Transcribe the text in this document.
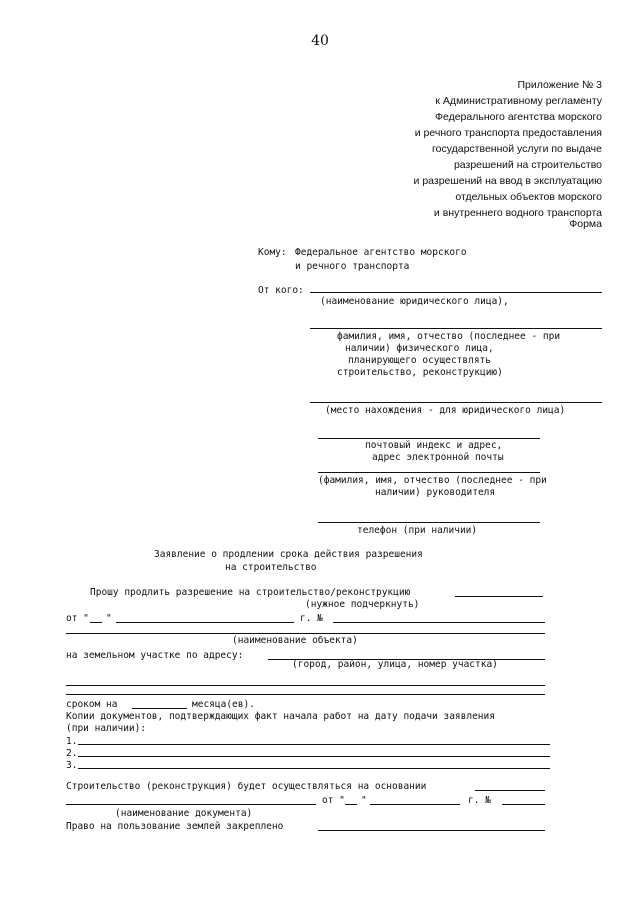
40
Приложение № 3
к Административному регламенту
Федерального агентства морского
и речного транспорта предоставления
государственной услуги по выдаче
разрешений на строительство
и разрешений на ввод в эксплуатацию
отдельных объектов морского
и внутреннего водного транспорта
Форма
Кому: Федеральное агентство морского
и речного транспорта
От кого:
(наименование юридического лица),
фамилия, имя, отчество (последнее - при
наличии) физического лица,
планирующего осуществлять
строительство, реконструкцию)
(место нахождения - для юридического лица)
почтовый индекс и адрес,
адрес электронной почты
(фамилия, имя, отчество (последнее - при
наличии) руководителя
телефон (при наличии)
Заявление о продлении срока действия разрешения
на строительство
Прошу продлить разрешение на строительство/реконструкцию
(нужное подчеркнуть)
от " "	г. №
(наименование объекта)
на земельном участке по адресу:
(город, район, улица, номер участка)
сроком на	месяца(ев).
Копии документов, подтверждающих факт начала работ на дату подачи заявления
(при наличии):
1.
2.
3.
Строительство (реконструкция) будет осуществляться на основании
от " "	г. №
(наименование документа)
Право на пользование землей закреплено
